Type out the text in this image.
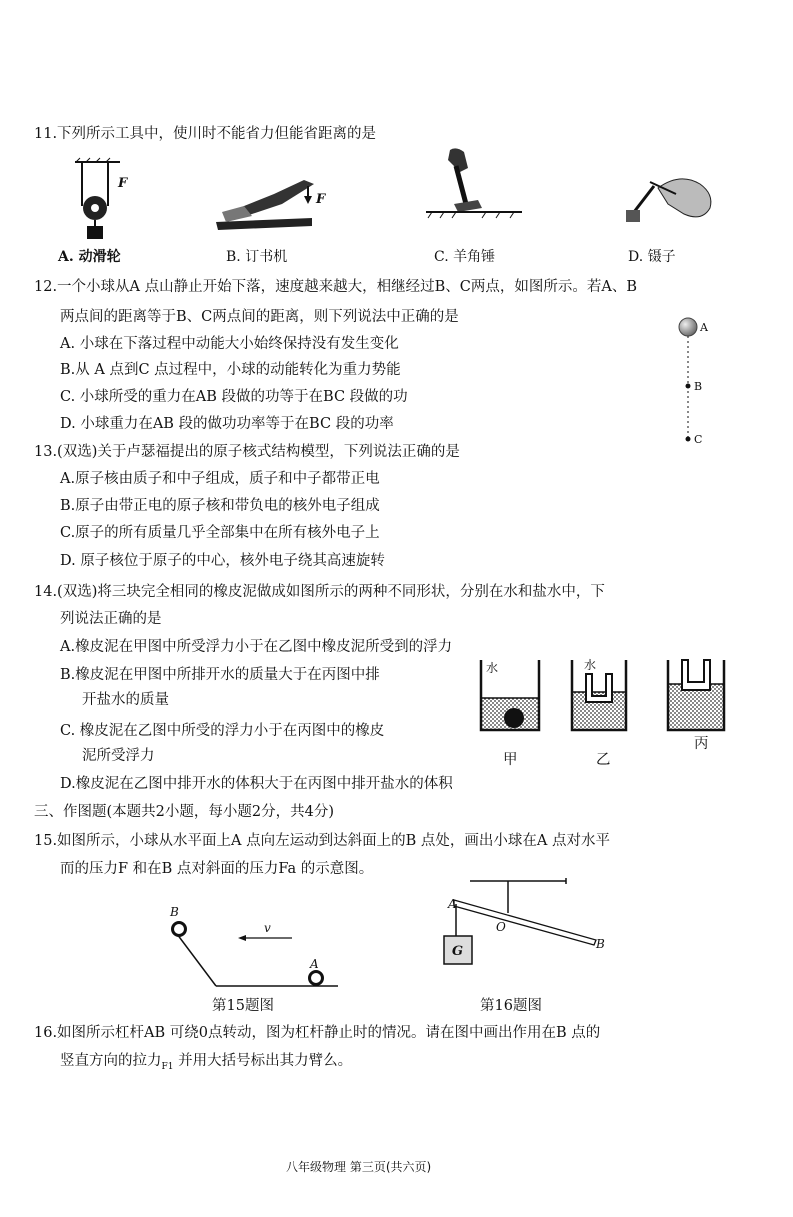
11.下列所示工具中，使川时不能省力但能省距离的是
F
F
A. 动滑轮	B. 订书机	C. 羊角锤	D. 镊子
12.一个小球从A 点山静止开始下落，速度越来越大，相继经过B、C两点，如图所示。若A、B
两点间的距离等于B、C两点间的距离，则下列说法中正确的是
A. 小球在下落过程中动能大小始终保持没有发生变化
B.从 A 点到C 点过程中，小球的动能转化为重力势能
C. 小球所受的重力在AB 段做的功等于在BC 段做的功
D. 小球重力在AB 段的做功功率等于在BC 段的功率
A
B
C
13.(双选)关于卢瑟福提出的原子核式结构模型，下列说法正确的是
A.原子核由质子和中子组成，质子和中子都带正电
B.原子由带正电的原子核和带负电的核外电子组成
C.原子的所有质量几乎全部集中在所有核外电子上
D. 原子核位于原子的中心，核外电子绕其高速旋转
14.(双选)将三块完全相同的橡皮泥做成如图所示的两种不同形状，分别在水和盐水中，下
列说法正确的是
A.橡皮泥在甲图中所受浮力小于在乙图中橡皮泥所受到的浮力
B.橡皮泥在甲图中所排开水的质量大于在丙图中排
开盐水的质量
C. 橡皮泥在乙图中所受的浮力小于在丙图中的橡皮
泥所受浮力
D.橡皮泥在乙图中排开水的体积大于在丙图中排开盐水的体积
水	水
甲	乙
丙
三、作图题(本题共2小题，每小题2分，共4分)
15.如图所示，小球从水平面上A 点向左运动到达斜面上的B 点处，画出小球在A 点对水平
而的压力F 和在B 点对斜面的压力Fa 的示意图。
B
v
A
第15题图
A
O
B
G
第16题图
16.如图所示杠杆AB 可绕0点转动，图为杠杆静止时的情况。请在图中画出作用在B 点的
竖直方向的拉力$_{F1}$ 并用大括号标出其力臂么。
八年级物理 第三页(共六页)
